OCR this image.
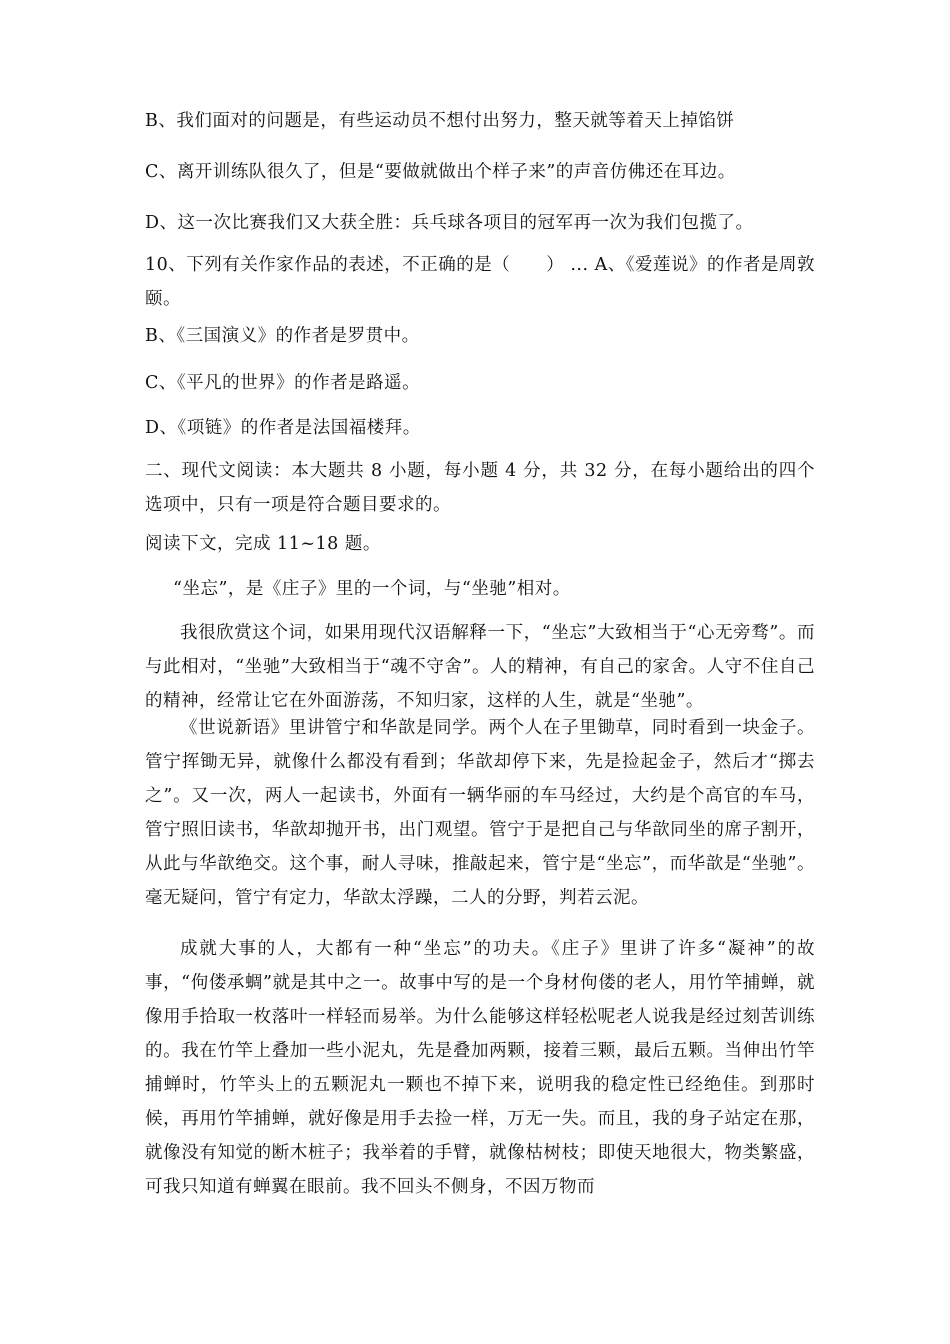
B、我们面对的问题是，有些运动员不想付出努力，整天就等着天上掉馅饼
C、离开训练队很久了，但是“要做就做出个样子来”的声音仿佛还在耳边。
D、这一次比赛我们又大获全胜：兵乓球各项目的冠军再一次为我们包揽了。
10、下列有关作家作品的表述，不正确的是（　　） ... A、《爱莲说》的作者是周敦颐。
B、《三国演义》的作者是罗贯中。
C、《平凡的世界》的作者是路遥。
D、《项链》的作者是法国福楼拜。
二、现代文阅读：本大题共 8 小题，每小题 4 分，共 32 分，在每小题给出的四个选项中，只有一项是符合题目要求的。
阅读下文，完成 11~18 题。
“坐忘”，是《庄子》里的一个词，与“坐驰”相对。
我很欣赏这个词，如果用现代汉语解释一下，“坐忘”大致相当于“心无旁骛”。而与此相对，“坐驰”大致相当于“魂不守舍”。人的精神，有自己的家舍。人守不住自己的精神，经常让它在外面游荡，不知归家，这样的人生，就是“坐驰”。
《世说新语》里讲管宁和华歆是同学。两个人在子里锄草，同时看到一块金子。管宁挥锄无异，就像什么都没有看到；华歆却停下来，先是捡起金子，然后才“掷去之”。又一次，两人一起读书，外面有一辆华丽的车马经过，大约是个高官的车马，管宁照旧读书，华歆却抛开书，出门观望。管宁于是把自己与华歆同坐的席子割开，从此与华歆绝交。这个事，耐人寻味，推敲起来，管宁是“坐忘”，而华歆是“坐驰”。毫无疑问，管宁有定力，华歆太浮躁，二人的分野，判若云泥。
成就大事的人，大都有一种“坐忘”的功夫。《庄子》里讲了许多“凝神”的故事，“佝偻承蜩”就是其中之一。故事中写的是一个身材佝偻的老人，用竹竿捕蝉，就像用手拾取一枚落叶一样轻而易举。为什么能够这样轻松呢老人说我是经过刻苦训练的。我在竹竿上叠加一些小泥丸，先是叠加两颗，接着三颗，最后五颗。当伸出竹竿捕蝉时，竹竿头上的五颗泥丸一颗也不掉下来，说明我的稳定性已经绝佳。到那时候，再用竹竿捕蝉，就好像是用手去捡一样，万无一失。而且，我的身子站定在那，就像没有知觉的断木桩子；我举着的手臂，就像枯树枝；即使天地很大，物类繁盛，可我只知道有蝉翼在眼前。我不回头不侧身，不因万物而
